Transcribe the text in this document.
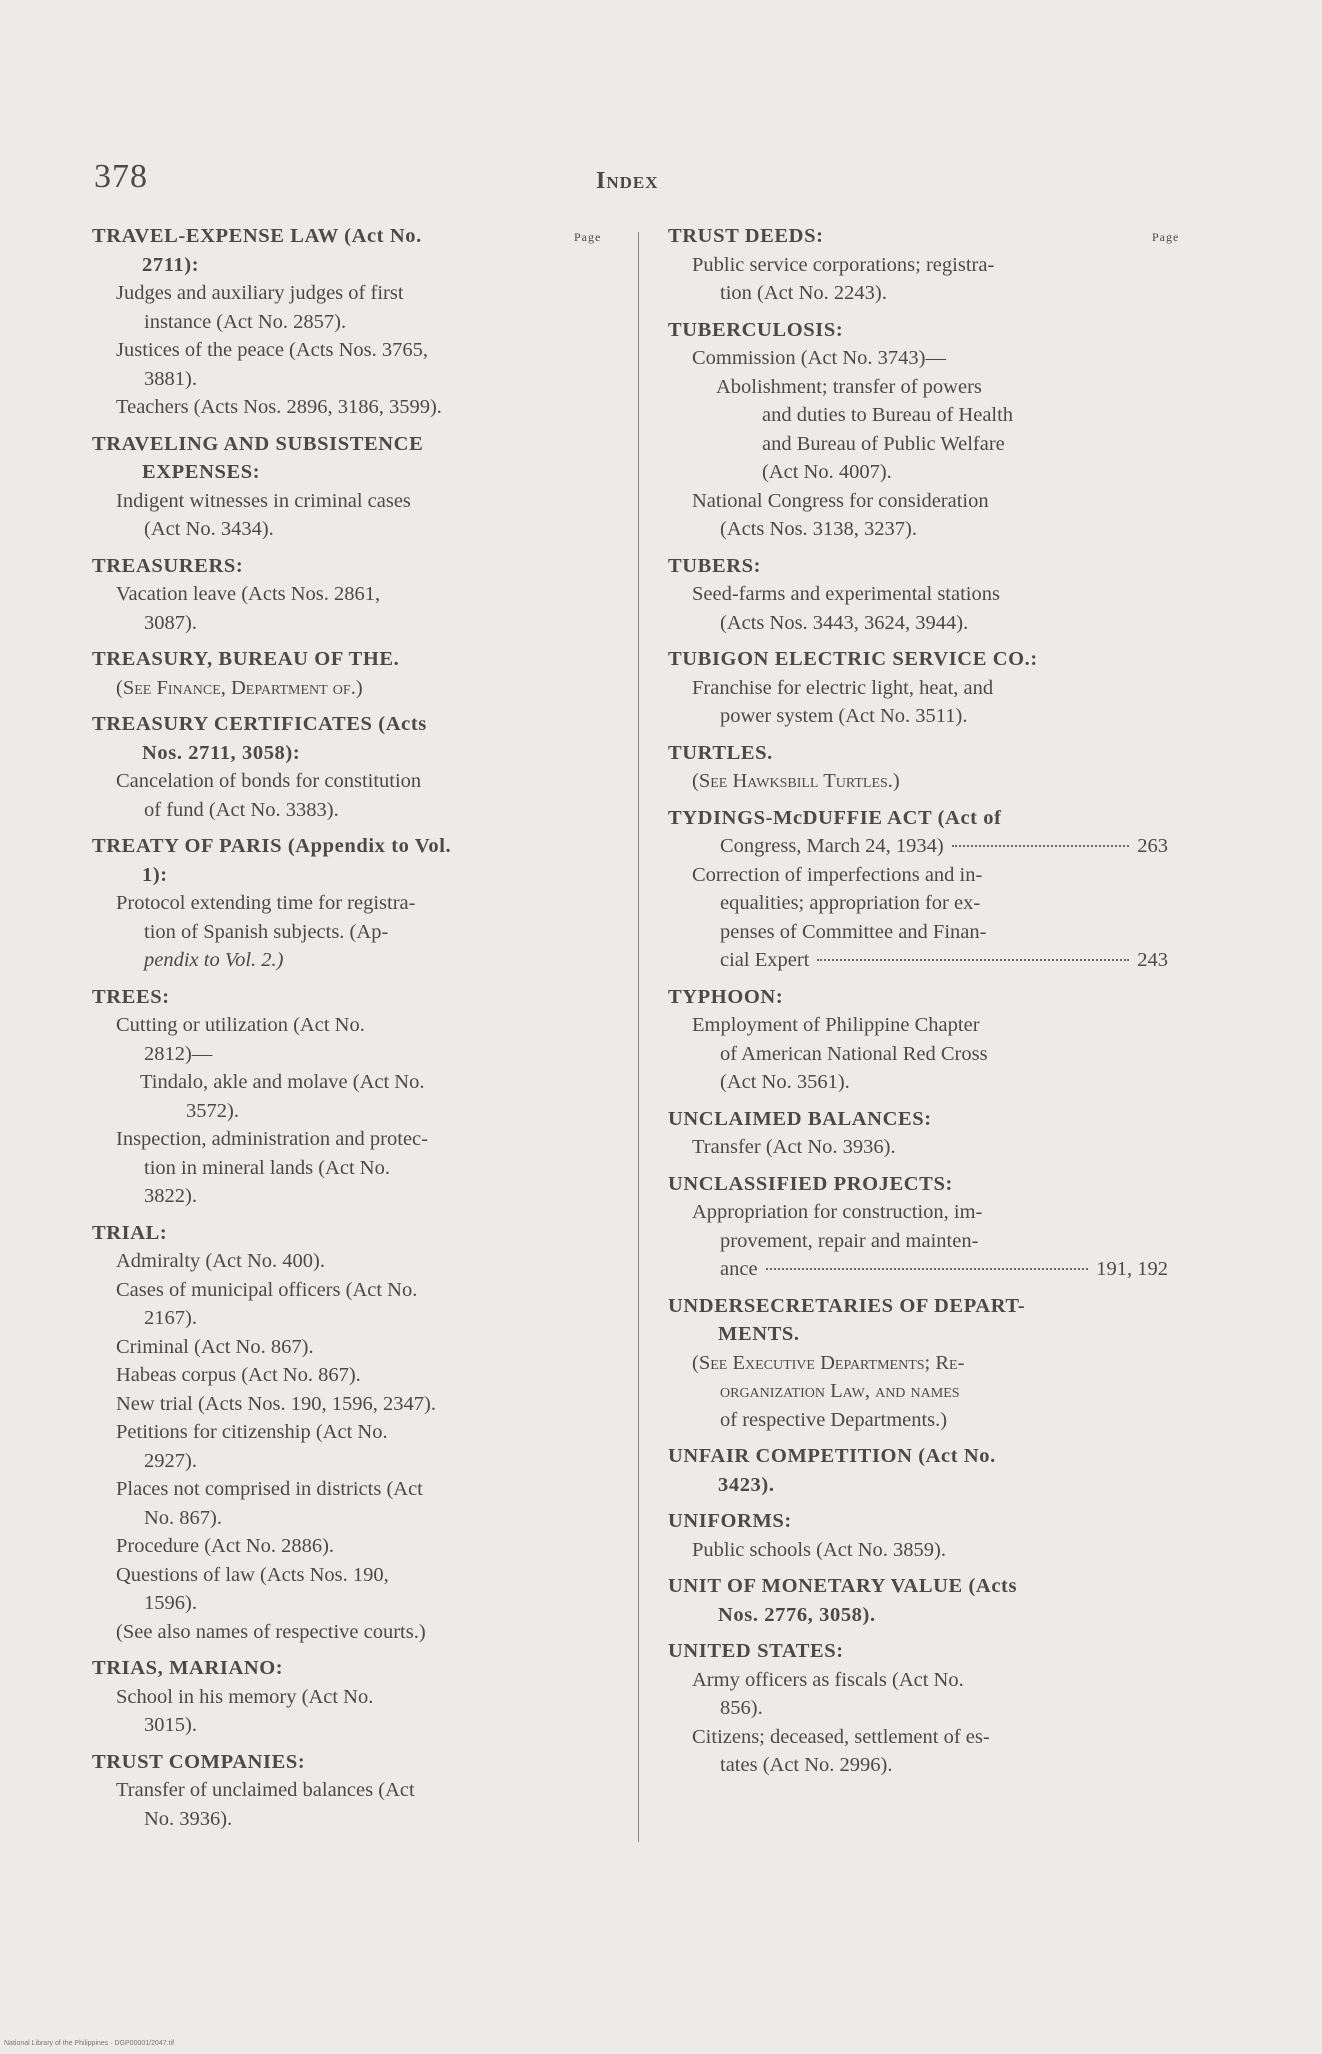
378	Index
Page	Page
TRAVEL-EXPENSE LAW (Act No.
2711):
Judges and auxiliary judges of first
instance (Act No. 2857).
Justices of the peace (Acts Nos. 3765,
3881).
Teachers (Acts Nos. 2896, 3186, 3599).
TRAVELING AND SUBSISTENCE
EXPENSES:
Indigent witnesses in criminal cases
(Act No. 3434).
TREASURERS:
Vacation leave (Acts Nos. 2861,
3087).
TREASURY, BUREAU OF THE.
(See Finance, Department of.)
TREASURY CERTIFICATES (Acts
Nos. 2711, 3058):
Cancelation of bonds for constitution
of fund (Act No. 3383).
TREATY OF PARIS (Appendix to Vol.
1):
Protocol extending time for registra-
tion of Spanish subjects. (Ap-
pendix to Vol. 2.)
TREES:
Cutting or utilization (Act No.
2812)—
Tindalo, akle and molave (Act No.
3572).
Inspection, administration and protec-
tion in mineral lands (Act No.
3822).
TRIAL:
Admiralty (Act No. 400).
Cases of municipal officers (Act No.
2167).
Criminal (Act No. 867).
Habeas corpus (Act No. 867).
New trial (Acts Nos. 190, 1596, 2347).
Petitions for citizenship (Act No.
2927).
Places not comprised in districts (Act
No. 867).
Procedure (Act No. 2886).
Questions of law (Acts Nos. 190,
1596).
(See also names of respective courts.)
TRIAS, MARIANO:
School in his memory (Act No.
3015).
TRUST COMPANIES:
Transfer of unclaimed balances (Act
No. 3936).
TRUST DEEDS:
Public service corporations; registra-
tion (Act No. 2243).
TUBERCULOSIS:
Commission (Act No. 3743)—
Abolishment; transfer of powers
and duties to Bureau of Health
and Bureau of Public Welfare
(Act No. 4007).
National Congress for consideration
(Acts Nos. 3138, 3237).
TUBERS:
Seed-farms and experimental stations
(Acts Nos. 3443, 3624, 3944).
TUBIGON ELECTRIC SERVICE CO.:
Franchise for electric light, heat, and
power system (Act No. 3511).
TURTLES.
(See Hawksbill Turtles.)
TYDINGS-McDUFFIE ACT (Act of
Congress, March 24, 1934)	263
Correction of imperfections and in-
equalities; appropriation for ex-
penses of Committee and Finan-
cial Expert	243
TYPHOON:
Employment of Philippine Chapter
of American National Red Cross
(Act No. 3561).
UNCLAIMED BALANCES:
Transfer (Act No. 3936).
UNCLASSIFIED PROJECTS:
Appropriation for construction, im-
provement, repair and mainten-
ance	191, 192
UNDERSECRETARIES OF DEPART-
MENTS.
(See Executive Departments; Re-
organization Law, and names
of respective Departments.)
UNFAIR COMPETITION (Act No.
3423).
UNIFORMS:
Public schools (Act No. 3859).
UNIT OF MONETARY VALUE (Acts
Nos. 2776, 3058).
UNITED STATES:
Army officers as fiscals (Act No.
856).
Citizens; deceased, settlement of es-
tates (Act No. 2996).
National Library of the Philippines · DGP00001/2047.tif
